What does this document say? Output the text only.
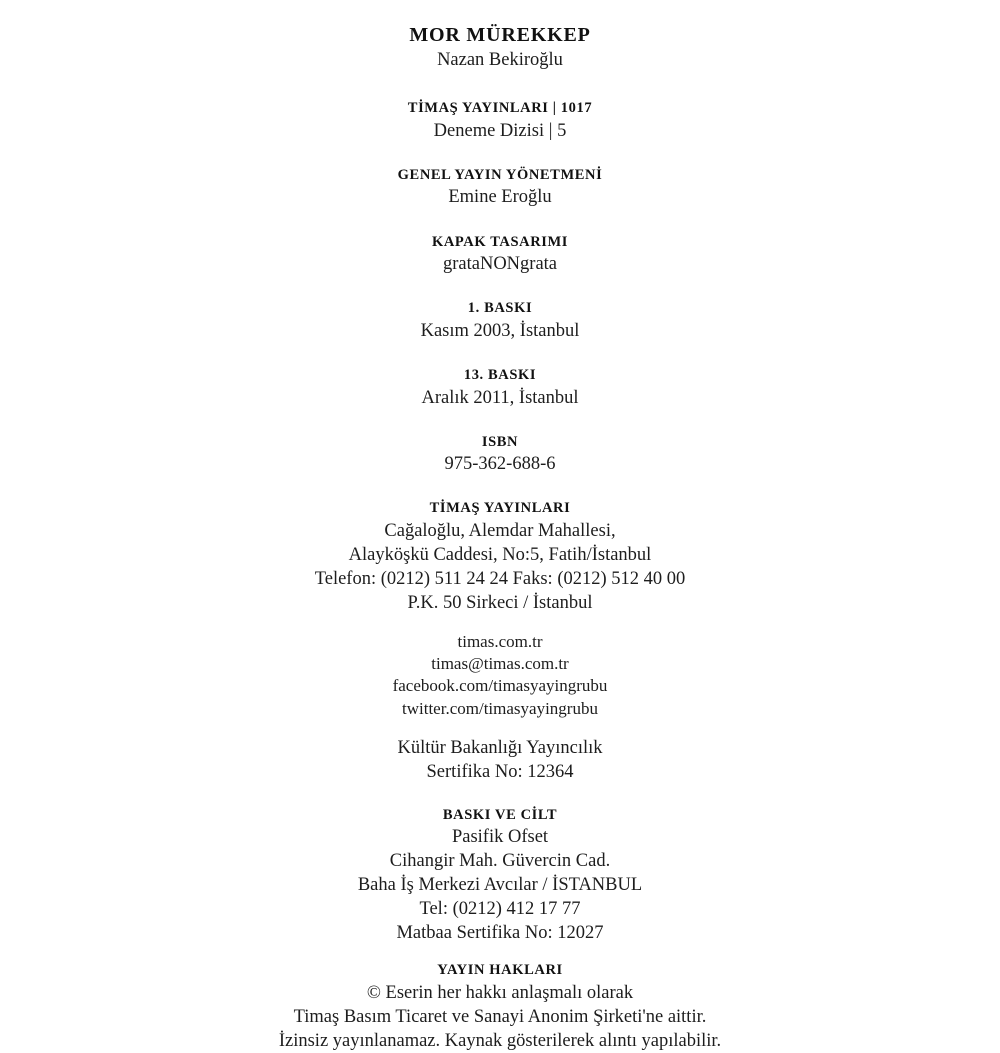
MOR MÜREKKEP
Nazan Bekiroğlu
TİMAŞ YAYINLARI | 1017
Deneme Dizisi | 5
GENEL YAYIN YÖNETMENİ
Emine Eroğlu
KAPAK TASARIMI
grataNONgrata
1. BASKI
Kasım 2003, İstanbul
13. BASKI
Aralık 2011, İstanbul
ISBN
975-362-688-6
TİMAŞ YAYINLARI
Cağaloğlu, Alemdar Mahallesi,
Alayköşkü Caddesi, No:5, Fatih/İstanbul
Telefon: (0212) 511 24 24 Faks: (0212) 512 40 00
P.K. 50 Sirkeci / İstanbul
timas.com.tr
timas@timas.com.tr
facebook.com/timasyayingrubu
twitter.com/timasyayingrubu
Kültür Bakanlığı Yayıncılık
Sertifika No: 12364
BASKI VE CİLT
Pasifik Ofset
Cihangir Mah. Güvercin Cad.
Baha İş Merkezi Avcılar / İSTANBUL
Tel: (0212) 412 17 77
Matbaa Sertifika No: 12027
YAYIN HAKLARI
© Eserin her hakkı anlaşmalı olarak
Timaş Basım Ticaret ve Sanayi Anonim Şirketi'ne aittir.
İzinsiz yayınlanamaz. Kaynak gösterilerek alıntı yapılabilir.
